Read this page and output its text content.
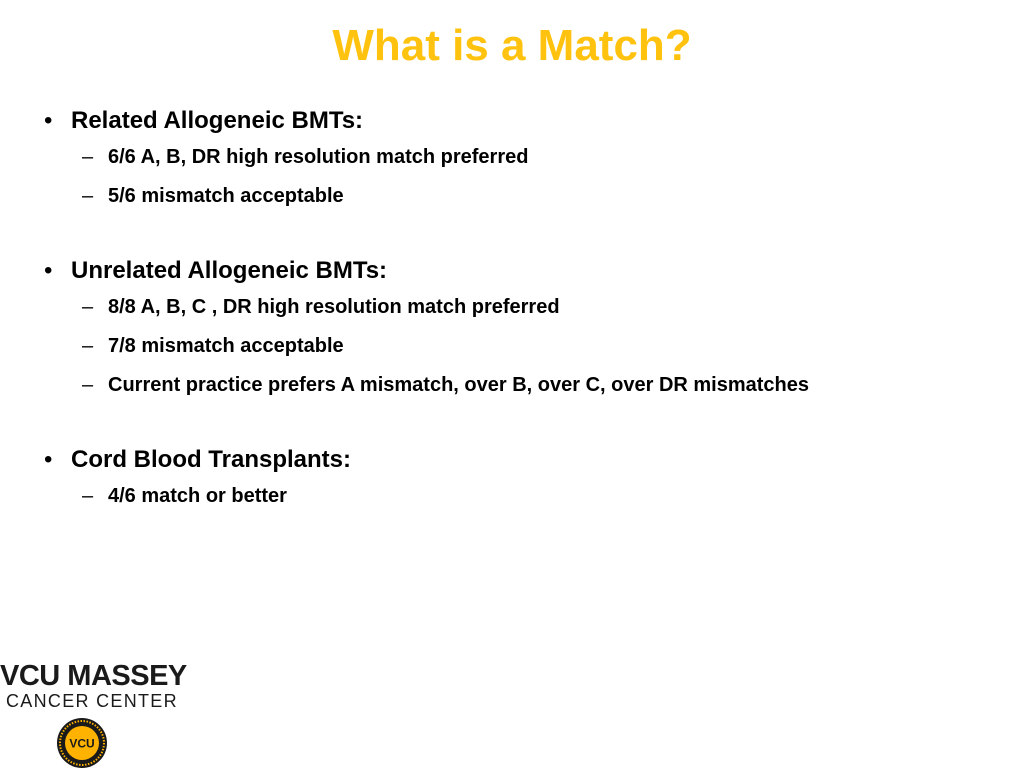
What is a Match?
• Related Allogeneic BMTs:
– 6/6 A, B, DR high resolution match preferred
– 5/6 mismatch acceptable
• Unrelated Allogeneic BMTs:
– 8/8 A, B, C , DR high resolution match preferred
– 7/8 mismatch acceptable
– Current practice prefers A mismatch, over B, over C, over DR mismatches
• Cord Blood Transplants:
– 4/6 match or better
VCU MASSEY
CANCER CENTER
VCU
